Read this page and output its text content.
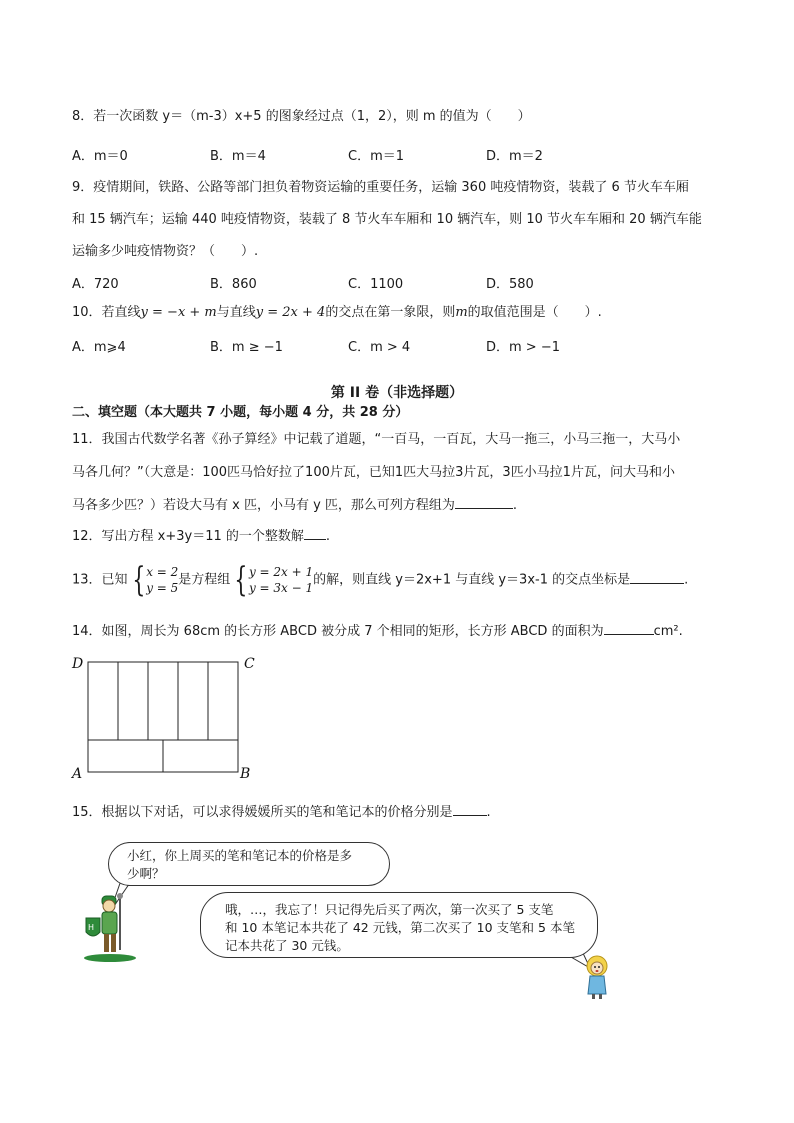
8．若一次函数 y＝（m-3）x+5 的图象经过点（1，2），则 m 的值为（　　）
A．m＝0	B．m＝4	C．m＝1	D．m＝2
9．疫情期间，铁路、公路等部门担负着物资运输的重要任务，运输 360 吨疫情物资，装载了 6 节火车车厢
和 15 辆汽车；运输 440 吨疫情物资，装载了 8 节火车车厢和 10 辆汽车，则 10 节火车车厢和 20 辆汽车能
运输多少吨疫情物资？（　　）.
A．720	B．860	C．1100	D．580
10．若直线y = −x + m与直线y = 2x + 4的交点在第一象限，则m的取值范围是（　　）.
A．m⩾4	B．m ≥ −1	C．m > 4	D．m > −1
第 II 卷（非选择题）
二、填空题（本大题共 7 小题，每小题 4 分，共 28 分）
11．我国古代数学名著《孙子算经》中记载了道题，“一百马，一百瓦，大马一拖三，小马三拖一，大马小
马各几何？”（大意是：100匹马恰好拉了100片瓦，已知1匹大马拉3片瓦，3匹小马拉1片瓦，问大马和小
马各多少匹？）若设大马有 x 匹，小马有 y 匹，那么可列方程组为	.
12．写出方程 x+3y＝11 的一个整数解 .
13．已知 { x = 2
y = 5 是方程组 { y = 2x + 1
y = 3x − 1 的解，则直线 y＝2x+1 与直线 y＝3x-1 的交点坐标是	.
14．如图，周长为 68cm 的长方形 ABCD 被分成 7 个相同的矩形，长方形 ABCD 的面积为	cm².
D	C
A	B
15．根据以下对话，可以求得媛媛所买的笔和笔记本的价格分别是	.
小红，你上周买的笔和笔记本的价格是多
少啊？
哦，…，我忘了！只记得先后买了两次，第一次买了 5 支笔
和 10 本笔记本共花了 42 元钱，第二次买了 10 支笔和 5 本笔
记本共花了 30 元钱。
H
